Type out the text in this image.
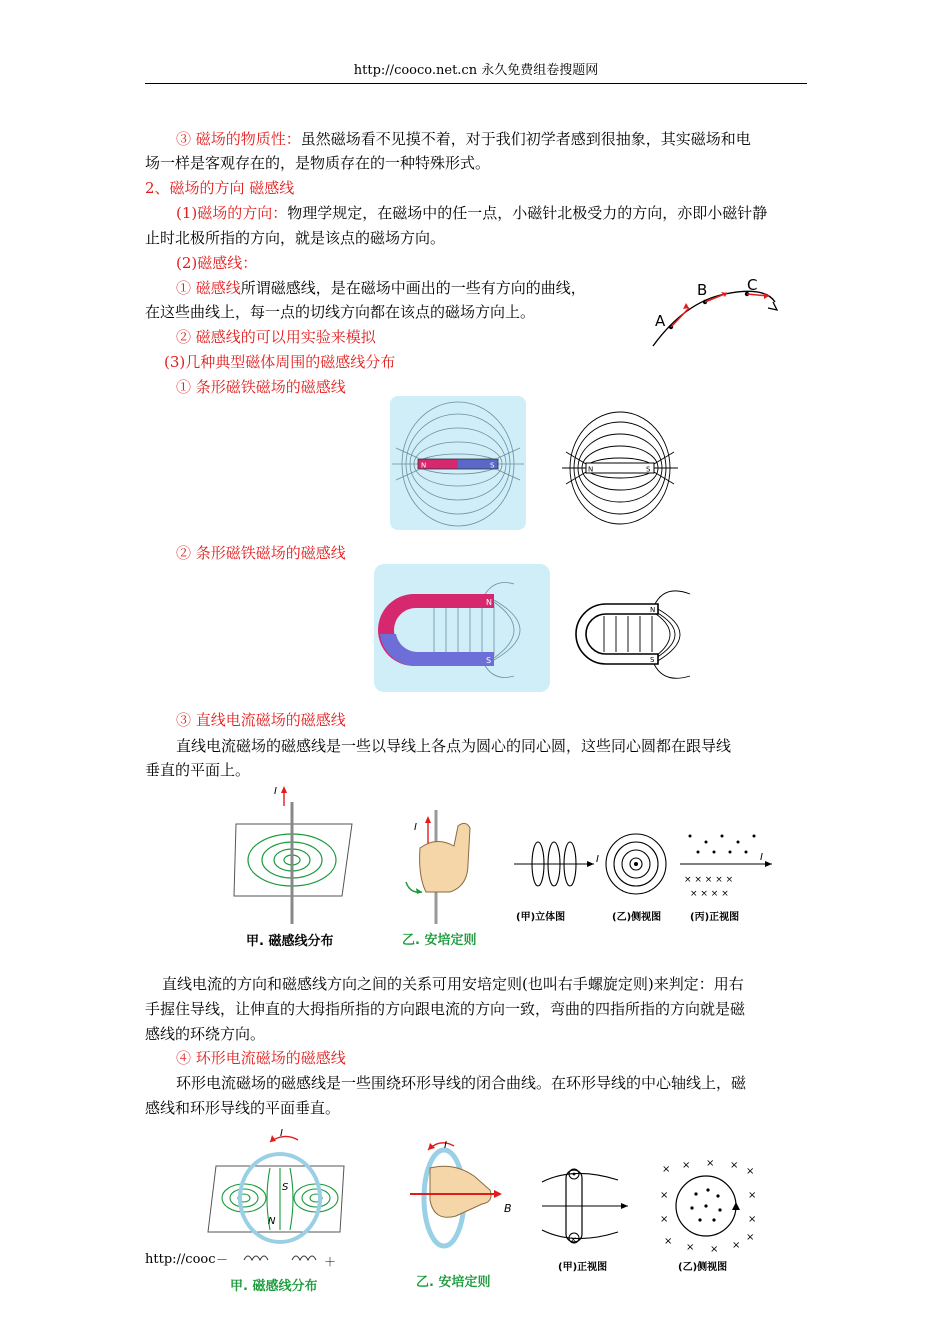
http://cooco.net.cn 永久免费组卷搜题网
③ 磁场的物质性：虽然磁场看不见摸不着，对于我们初学者感到很抽象，其实磁场和电
场一样是客观存在的，是物质存在的一种特殊形式。
2、磁场的方向 磁感线
(1)磁场的方向：物理学规定，在磁场中的任一点，小磁针北极受力的方向，亦即小磁针静
止时北极所指的方向，就是该点的磁场方向。
(2)磁感线：
① 磁感线所谓磁感线，是在磁场中画出的一些有方向的曲线，
在这些曲线上，每一点的切线方向都在该点的磁场方向上。
② 磁感线的可以用实验来模拟
(3)几种典型磁体周围的磁感线分布
① 条形磁铁磁场的磁感线
A
B	C
N	S	N	S
② 条形磁铁磁场的磁感线
N
S
N
S
③ 直线电流磁场的磁感线
直线电流磁场的磁感线是一些以导线上各点为圆心的同心圆，这些同心圆都在跟导线
垂直的平面上。
I
甲. 磁感线分布
I
乙. 安培定则
I	I
× × × × ×
× × × ×
(甲)立体图	(乙)侧视图	(丙)正视图
直线电流的方向和磁感线方向之间的关系可用安培定则(也叫右手螺旋定则)来判定：用右
手握住导线，让伸直的大拇指所指的方向跟电流的方向一致，弯曲的四指所指的方向就是磁
感线的环绕方向。
④ 环形电流磁场的磁感线
环形电流磁场的磁感线是一些围绕环形导线的闭合曲线。在环形导线的中心轴线上，磁
感线和环形导线的平面垂直。
I
S
N
－	＋
甲. 磁感线分布
I
B
乙. 安培定则
×
(甲)正视图
× × × ×
×
×	×
×	×
×
× × ×
×
(乙)侧视图
http://cooc
